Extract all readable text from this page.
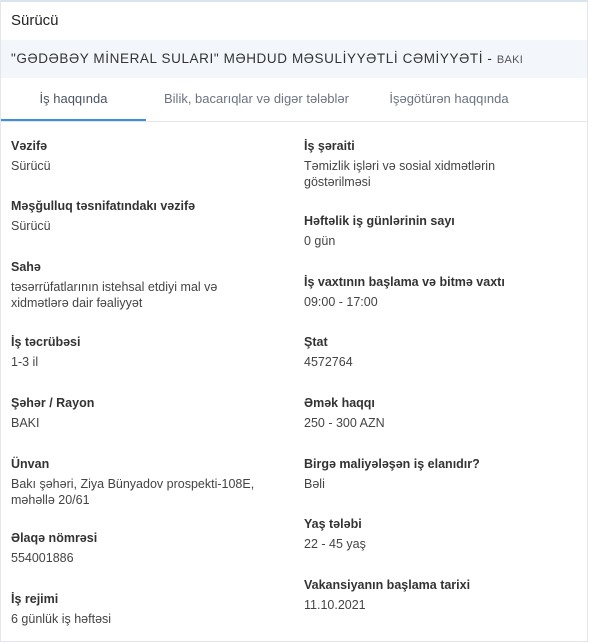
Sürücü
"GƏDƏBƏY MİNERAL SULARI" MƏHDUD MƏSULİYYƏTLİ CƏMİYYƏTİ - BAKI
İş haqqında	Bilik, bacarıqlar və digər tələblər	İşəgötürən haqqında
Vəzifə
Sürücü
Məşğulluq təsnifatındakı vəzifə
Sürücü
Sahə
təsərrüfatlarının istehsal etdiyi mal və xidmətlərə dair fəaliyyət
İş təcrübəsi
1-3 il
Şəhər / Rayon
BAKI
Ünvan
Bakı şəhəri, Ziya Bünyadov prospekti-108E, məhəllə 20/61
Əlaqə nömrəsi
554001886
İş rejimi
6 günlük iş həftəsi
İş şəraiti
Təmizlik işləri və sosial xidmətlərin göstərilməsi
Həftəlik iş günlərinin sayı
0 gün
İş vaxtının başlama və bitmə vaxtı
09:00 - 17:00
Ştat
4572764
Əmək haqqı
250 - 300 AZN
Birgə maliyələşən iş elanıdır?
Bəli
Yaş tələbi
22 - 45 yaş
Vakansiyanın başlama tarixi
11.10.2021
